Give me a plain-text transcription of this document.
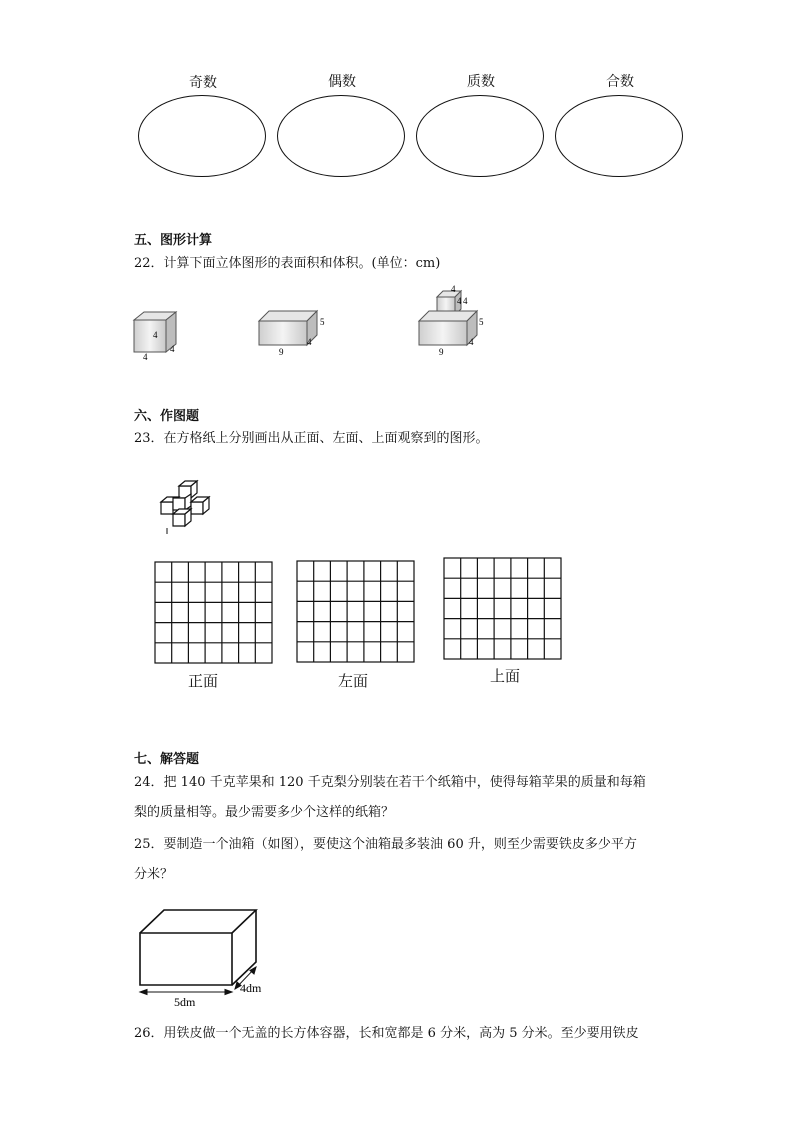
奇数	偶数	质数	合数
五、图形计算
22．计算下面立体图形的表面积和体积。(单位：cm)
4
4
4
5
9
4
4
4 4
5
9
4
六、作图题
23．在方格纸上分别画出从正面、左面、上面观察到的图形。
正面	左面	上面
七、解答题
24．把 140 千克苹果和 120 千克梨分别装在若干个纸箱中，使得每箱苹果的质量和每箱
梨的质量相等。最少需要多少个这样的纸箱？
25．要制造一个油箱（如图），要使这个油箱最多装油 60 升，则至少需要铁皮多少平方
分米？
5dm
4dm
26．用铁皮做一个无盖的长方体容器，长和宽都是 6 分米，高为 5 分米。至少要用铁皮
